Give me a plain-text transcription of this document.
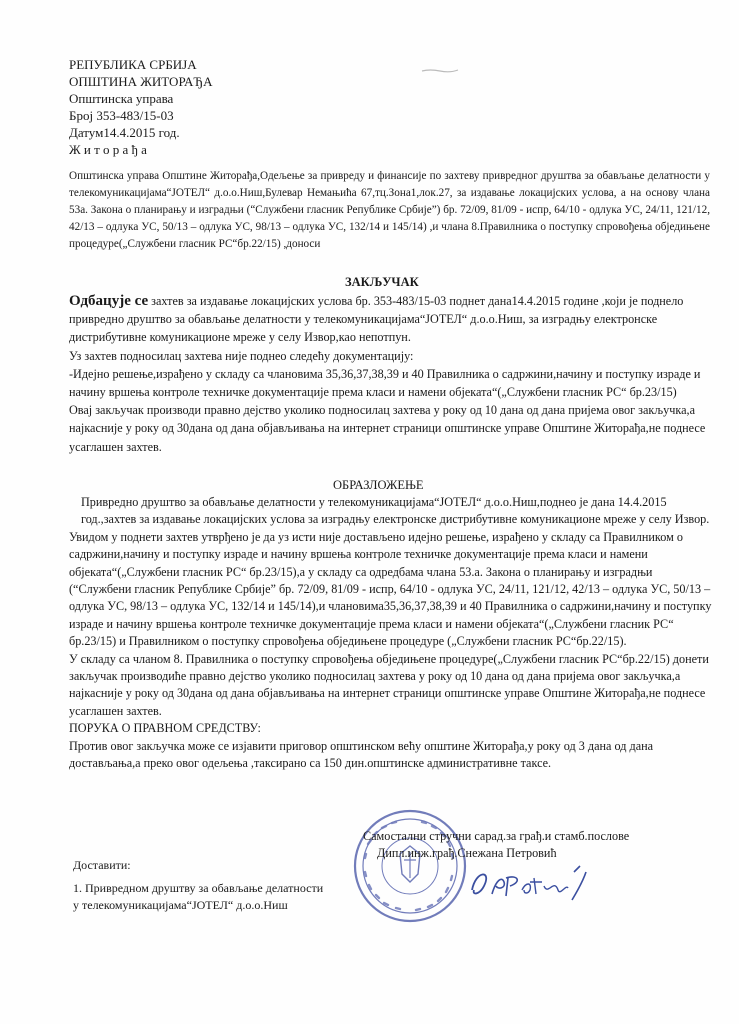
РЕПУБЛИКА СРБИЈА
ОПШТИНА ЖИТОРАЂА
Општинска управа
Број 353-483/15-03
Датум14.4.2015 год.
Ж и т о р а ђ а
Општинска управа Општине Житорађа,Одељење за привреду и финансије по захтеву привредног друштва за обављање делатности у телекомуникацијама“ЈОТЕЛ“ д.о.о.Ниш,Булевар Немањића 67,тц.Зона1,лок.27, за издавање локацијских услова, а на основу члана 53а. Закона о планирању и изградњи (“Службени гласник Републике Србије”) бр. 72/09, 81/09 - испр, 64/10 - одлука УС, 24/11, 121/12, 42/13 – одлука УС, 50/13 – одлука УС, 98/13 – одлука УС, 132/14 и 145/14) ,и члана 8.Правилника о поступку спровођења обједињене процедуре(„Службени гласник РС“бр.22/15) ,доноси
ЗАКЉУЧАК

Одбацује се захтев за издавање локацијских услова бр. 353-483/15-03 поднет дана14.4.2015 године ,који је поднело привредно друштво за обављање делатности у телекомуникацијама“ЈОТЕЛ“ д.о.о.Ниш, за изградњу електронске дистрибутивне комуникационе мреже у селу Извор,као непотпун.

Уз захтев подносилац захтева није поднео следећу документацију:

-Идејно решење,израђено у складу са члановима 35,36,37,38,39 и 40 Правилника о садржини,начину и поступку израде и начину вршења контроле техничке документације према класи и намени објеката“(„Службени гласник РС“ бр.23/15)

Овај закључак производи правно дејство уколико подносилац захтева у року од 10 дана од дана пријема овог закључка,а најкасније у року од 30дана од дана објављивања на интернет страници општинске управе Општине Житорађа,не поднесе усаглашен захтев.

ОБРАЗЛОЖЕЊЕ

Привредно друштво за обављање делатности у телекомуникацијама“ЈОТЕЛ“ д.о.о.Ниш,поднео је дана 14.4.2015 год.,захтев за издавање локацијских услова за изградњу електронске дистрибутивне комуникационе мреже у селу Извор.

Увидом у поднети захтев утврђено је да уз исти није достављено идејно решење, израђено у складу са Правилником о садржини,начину и поступку израде и начину вршења контроле техничке документације према класи и намени објеката“(„Службени гласник РС“ бр.23/15),а у складу са одредбама члана 53.а. Закона о планирању и изградњи (“Службени гласник Републике Србије” бр. 72/09, 81/09 - испр, 64/10 - одлука УС, 24/11, 121/12, 42/13 – одлука УС, 50/13 – одлука УС, 98/13 – одлука УС, 132/14 и 145/14),и члановима35,36,37,38,39 и 40 Правилника о садржини,начину и поступку израде и начину вршења контроле техничке документације према класи и намени објеката“(„Службени гласник РС“ бр.23/15) и Правилником о поступку спровођења обједињене процедуре („Службени гласник РС“бр.22/15).

У складу са чланом 8. Правилника о поступку спровођења обједињене процедуре(„Службени гласник РС“бр.22/15) донети закључак производиће правно дејство уколико подносилац захтева у року од 10 дана од дана пријема овог закључка,а најкасније у року од 30дана од дана објављивања на интернет страници општинске управе Општине Житорађа,не поднесе усаглашен захтев.

ПОРУКА О ПРАВНОМ СРЕДСТВУ:

Против овог закључка може се изјавити приговор општинском већу општине Житорађа,у року од 3 дана од дана достављања,а преко овог одељења ,таксирано са 150 дин.општинске административне таксе.

Самостални стручни сарад.за грађ.и стамб.послове
Дипл.инж.грађ.Снежана Петровић
Доставити:
1. Привредном друштву за обављање делатности
у телекомуникацијама“ЈОТЕЛ“ д.о.о.Ниш
